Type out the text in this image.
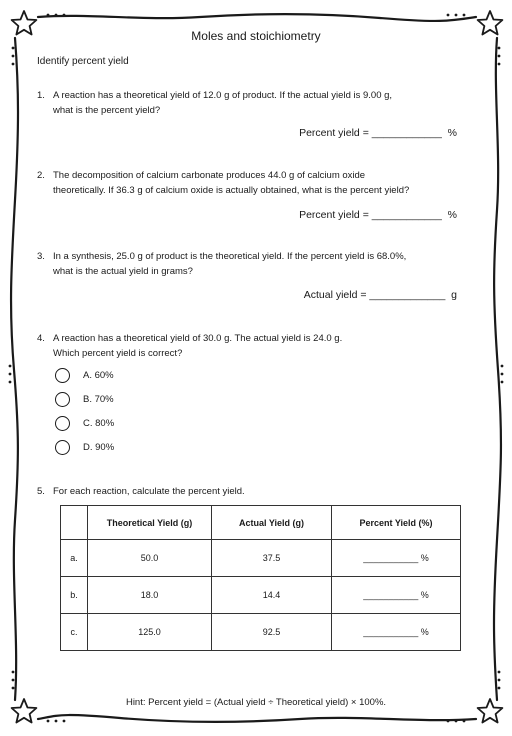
Moles and stoichiometry
Identify percent yield
1. A reaction has a theoretical yield of 12.0 g of product. If the actual yield is 9.00 g,
what is the percent yield?
Percent yield = ____________  %
2. The decomposition of calcium carbonate produces 44.0 g of calcium oxide
theoretically. If 36.3 g of calcium oxide is actually obtained, what is the percent yield?
Percent yield = ____________  %
3. In a synthesis, 25.0 g of product is the theoretical yield. If the percent yield is 68.0%,
what is the actual yield in grams?
Actual yield = _____________  g
4. A reaction has a theoretical yield of 30.0 g. The actual yield is 24.0 g.
Which percent yield is correct?
A. 60%
B. 70%
C. 80%
D. 90%
5. For each reaction, calculate the percent yield.
	Theoretical Yield (g)	Actual Yield (g)	Percent Yield (%)
a.	50.0	37.5	___________ %
b.	18.0	14.4	___________ %
c.	125.0	92.5	___________ %
Hint: Percent yield = (Actual yield ÷ Theoretical yield) × 100%.
